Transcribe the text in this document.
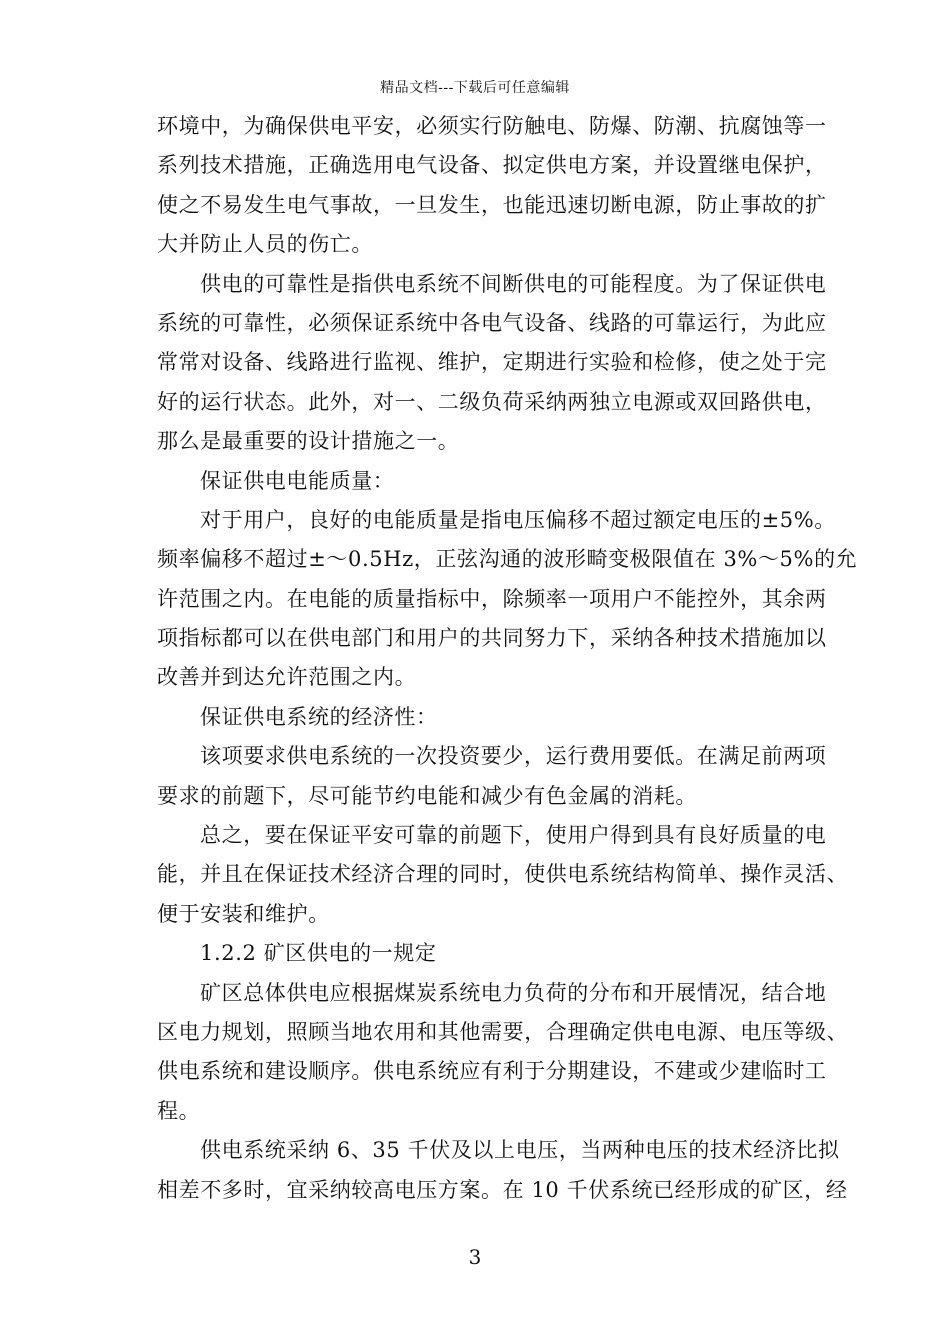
精品文档---下载后可任意编辑
环境中，为确保供电平安，必须实行防触电、防爆、防潮、抗腐蚀等一
系列技术措施，正确选用电气设备、拟定供电方案，并设置继电保护，
使之不易发生电气事故，一旦发生，也能迅速切断电源，防止事故的扩
大并防止人员的伤亡。
供电的可靠性是指供电系统不间断供电的可能程度。为了保证供电
系统的可靠性，必须保证系统中各电气设备、线路的可靠运行，为此应
常常对设备、线路进行监视、维护，定期进行实验和检修，使之处于完
好的运行状态。此外，对一、二级负荷采纳两独立电源或双回路供电，
那么是最重要的设计措施之一。
保证供电电能质量：
对于用户，良好的电能质量是指电压偏移不超过额定电压的±5%。
频率偏移不超过±～0.5Hz，正弦沟通的波形畸变极限值在 3%～5%的允
许范围之内。在电能的质量指标中，除频率一项用户不能控外，其余两
项指标都可以在供电部门和用户的共同努力下，采纳各种技术措施加以
改善并到达允许范围之内。
保证供电系统的经济性：
该项要求供电系统的一次投资要少，运行费用要低。在满足前两项
要求的前题下，尽可能节约电能和减少有色金属的消耗。
总之，要在保证平安可靠的前题下，使用户得到具有良好质量的电
能，并且在保证技术经济合理的同时，使供电系统结构简单、操作灵活、
便于安装和维护。
1.2.2 矿区供电的一规定
矿区总体供电应根据煤炭系统电力负荷的分布和开展情况，结合地
区电力规划，照顾当地农用和其他需要，合理确定供电电源、电压等级、
供电系统和建设顺序。供电系统应有利于分期建设，不建或少建临时工
程。
供电系统采纳 6、35 千伏及以上电压，当两种电压的技术经济比拟
相差不多时，宜采纳较高电压方案。在 10 千伏系统已经形成的矿区，经
3
